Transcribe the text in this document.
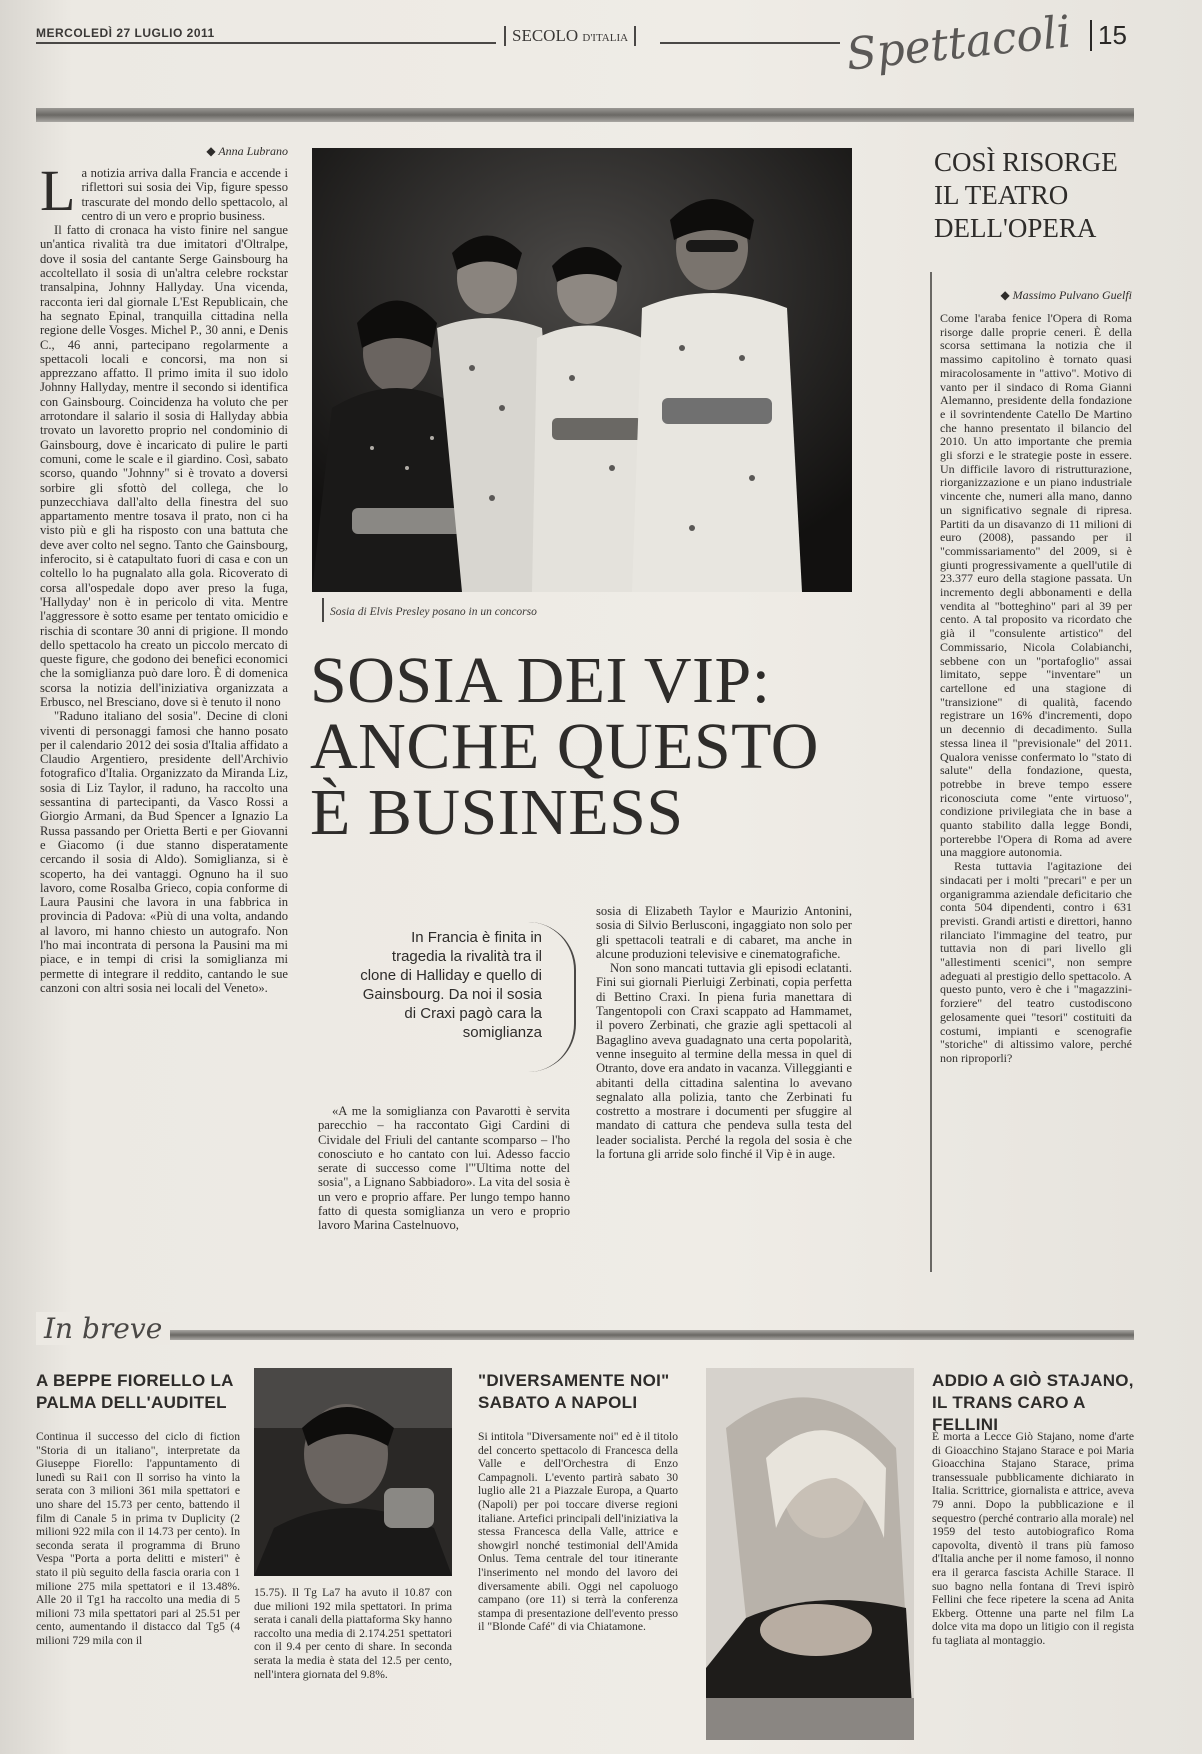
MERCOLEDÌ 27 LUGLIO 2011	SECOLO D'ITALIA	Spettacoli 15
◆ Anna Lubrano
L a notizia arriva dalla Francia e accende i riflettori sui sosia dei Vip, figure spesso trascurate del mondo dello spettacolo, al centro di un vero e proprio business.

Il fatto di cronaca ha visto finire nel sangue un'antica rivalità tra due imitatori d'Oltralpe, dove il sosia del cantante Serge Gainsbourg ha accoltellato il sosia di un'altra celebre rockstar transalpina, Johnny Hallyday. Una vicenda, racconta ieri dal giornale L'Est Republicain, che ha segnato Epinal, tranquilla cittadina nella regione delle Vosges. Michel P., 30 anni, e Denis C., 46 anni, partecipano regolarmente a spettacoli locali e concorsi, ma non si apprezzano affatto. Il primo imita il suo idolo Johnny Hallyday, mentre il secondo si identifica con Gainsbourg. Coincidenza ha voluto che per arrotondare il salario il sosia di Hallyday abbia trovato un lavoretto proprio nel condominio di Gainsbourg, dove è incaricato di pulire le parti comuni, come le scale e il giardino. Così, sabato scorso, quando "Johnny" si è trovato a doversi sorbire gli sfottò del collega, che lo punzecchiava dall'alto della finestra del suo appartamento mentre tosava il prato, non ci ha visto più e gli ha risposto con una battuta che deve aver colto nel segno. Tanto che Gainsbourg, inferocito, si è catapultato fuori di casa e con un coltello lo ha pugnalato alla gola. Ricoverato di corsa all'ospedale dopo aver preso la fuga, 'Hallyday' non è in pericolo di vita. Mentre l'aggressore è sotto esame per tentato omicidio e rischia di scontare 30 anni di prigione. Il mondo dello spettacolo ha creato un piccolo mercato di queste figure, che godono dei benefici economici che la somiglianza può dare loro. È di domenica scorsa la notizia dell'iniziativa organizzata a Erbusco, nel Bresciano, dove si è tenuto il nono

"Raduno italiano del sosia". Decine di cloni viventi di personaggi famosi che hanno posato per il calendario 2012 dei sosia d'Italia affidato a Claudio Argentiero, presidente dell'Archivio fotografico d'Italia. Organizzato da Miranda Liz, sosia di Liz Taylor, il raduno, ha raccolto una sessantina di partecipanti, da Vasco Rossi a Giorgio Armani, da Bud Spencer a Ignazio La Russa passando per Orietta Berti e per Giovanni e Giacomo (i due stanno disperatamente cercando il sosia di Aldo). Somiglianza, si è scoperto, ha dei vantaggi. Ognuno ha il suo lavoro, come Rosalba Grieco, copia conforme di Laura Pausini che lavora in una fabbrica in provincia di Padova: «Più di una volta, andando al lavoro, mi hanno chiesto un autografo. Non l'ho mai incontrata di persona la Pausini ma mi piace, e in tempi di crisi la somiglianza mi permette di integrare il reddito, cantando le sue canzoni con altri sosia nei locali del Veneto».

Sosia di Elvis Presley posano in un concorso
SOSIA DEI VIP: ANCHE QUESTO È BUSINESS
In Francia è finita in tragedia la rivalità tra il clone di Halliday e quello di Gainsbourg. Da noi il sosia di Craxi pagò cara la somiglianza

«A me la somiglianza con Pavarotti è servita parecchio – ha raccontato Gigi Cardini di Cividale del Friuli del cantante scomparso – l'ho conosciuto e ho cantato con lui. Adesso faccio serate di successo come l'"Ultima notte del sosia", a Lignano Sabbiadoro». La vita del sosia è un vero e proprio affare. Per lungo tempo hanno fatto di questa somiglianza un vero e proprio lavoro Marina Castelnuovo,

sosia di Elizabeth Taylor e Maurizio Antonini, sosia di Silvio Berlusconi, ingaggiato non solo per gli spettacoli teatrali e di cabaret, ma anche in alcune produzioni televisive e cinematografiche.

Non sono mancati tuttavia gli episodi eclatanti. Fini sui giornali Pierluigi Zerbinati, copia perfetta di Bettino Craxi. In piena furia manettara di Tangentopoli con Craxi scappato ad Hammamet, il povero Zerbinati, che grazie agli spettacoli al Bagaglino aveva guadagnato una certa popolarità, venne inseguito al termine della messa in quel di Otranto, dove era andato in vacanza. Villeggianti e abitanti della cittadina salentina lo avevano segnalato alla polizia, tanto che Zerbinati fu costretto a mostrare i documenti per sfuggire al mandato di cattura che pendeva sulla testa del leader socialista. Perché la regola del sosia è che la fortuna gli arride solo finché il Vip è in auge.

COSÌ RISORGE IL TEATRO DELL'OPERA
◆ Massimo Pulvano Guelfi

Come l'araba fenice l'Opera di Roma risorge dalle proprie ceneri. È della scorsa settimana la notizia che il massimo capitolino è tornato quasi miracolosamente in "attivo". Motivo di vanto per il sindaco di Roma Gianni Alemanno, presidente della fondazione e il sovrintendente Catello De Martino che hanno presentato il bilancio del 2010. Un atto importante che premia gli sforzi e le strategie poste in essere. Un difficile lavoro di ristrutturazione, riorganizzazione e un piano industriale vincente che, numeri alla mano, danno un significativo segnale di ripresa. Partiti da un disavanzo di 11 milioni di euro (2008), passando per il "commissariamento" del 2009, si è giunti progressivamente a quell'utile di 23.377 euro della stagione passata. Un incremento degli abbonamenti e della vendita al "botteghino" pari al 39 per cento. A tal proposito va ricordato che già il "consulente artistico" del Commissario, Nicola Colabianchi, sebbene con un "portafoglio" assai limitato, seppe "inventare" un cartellone ed una stagione di "transizione" di qualità, facendo registrare un 16% d'incrementi, dopo un decennio di decadimento. Sulla stessa linea il "previsionale" del 2011. Qualora venisse confermato lo "stato di salute" della fondazione, questa, potrebbe in breve tempo essere riconosciuta come "ente virtuoso", condizione privilegiata che in base a quanto stabilito dalla legge Bondi, porterebbe l'Opera di Roma ad avere una maggiore autonomia.

Resta tuttavia l'agitazione dei sindacati per i molti "precari" e per un organigramma aziendale deficitario che conta 504 dipendenti, contro i 631 previsti. Grandi artisti e direttori, hanno rilanciato l'immagine del teatro, pur tuttavia non di pari livello gli "allestimenti scenici", non sempre adeguati al prestigio dello spettacolo. A questo punto, vero è che i "magazzini-forziere" del teatro custodiscono gelosamente quei "tesori" costituiti da costumi, impianti e scenografie "storiche" di altissimo valore, perché non riproporli?

In breve
A BEPPE FIORELLO LA PALMA DELL'AUDITEL
Continua il successo del ciclo di fiction "Storia di un italiano", interpretate da Giuseppe Fiorello: l'appuntamento di lunedì su Rai1 con Il sorriso ha vinto la serata con 3 milioni 361 mila spettatori e uno share del 15.73 per cento, battendo il film di Canale 5 in prima tv Duplicity (2 milioni 922 mila con il 14.73 per cento). In seconda serata il programma di Bruno Vespa "Porta a porta delitti e misteri" è stato il più seguito della fascia oraria con 1 milione 275 mila spettatori e il 13.48%. Alle 20 il Tg1 ha raccolto una media di 5 milioni 73 mila spettatori pari al 25.51 per cento, aumentando il distacco dal Tg5 (4 milioni 729 mila con il
15.75). Il Tg La7 ha avuto il 10.87 con due milioni 192 mila spettatori. In prima serata i canali della piattaforma Sky hanno raccolto una media di 2.174.251 spettatori con il 9.4 per cento di share. In seconda serata la media è stata del 12.5 per cento, nell'intera giornata del 9.8%.
"DIVERSAMENTE NOI" SABATO A NAPOLI
Si intitola "Diversamente noi" ed è il titolo del concerto spettacolo di Francesca della Valle e dell'Orchestra di Enzo Campagnoli. L'evento partirà sabato 30 luglio alle 21 a Piazzale Europa, a Quarto (Napoli) per poi toccare diverse regioni italiane. Artefici principali dell'iniziativa la stessa Francesca della Valle, attrice e showgirl nonché testimonial dell'Amida Onlus. Tema centrale del tour itinerante l'inserimento nel mondo del lavoro dei diversamente abili. Oggi nel capoluogo campano (ore 11) si terrà la conferenza stampa di presentazione dell'evento presso il "Blonde Café" di via Chiatamone.
ADDIO A GIÒ STAJANO, IL TRANS CARO A FELLINI
È morta a Lecce Giò Stajano, nome d'arte di Gioacchino Stajano Starace e poi Maria Gioacchina Stajano Starace, prima transessuale pubblicamente dichiarato in Italia. Scrittrice, giornalista e attrice, aveva 79 anni. Dopo la pubblicazione e il sequestro (perché contrario alla morale) nel 1959 del testo autobiografico Roma capovolta, diventò il trans più famoso d'Italia anche per il nome famoso, il nonno era il gerarca fascista Achille Starace. Il suo bagno nella fontana di Trevi ispirò Fellini che fece ripetere la scena ad Anita Ekberg. Ottenne una parte nel film La dolce vita ma dopo un litigio con il regista fu tagliata al montaggio.
